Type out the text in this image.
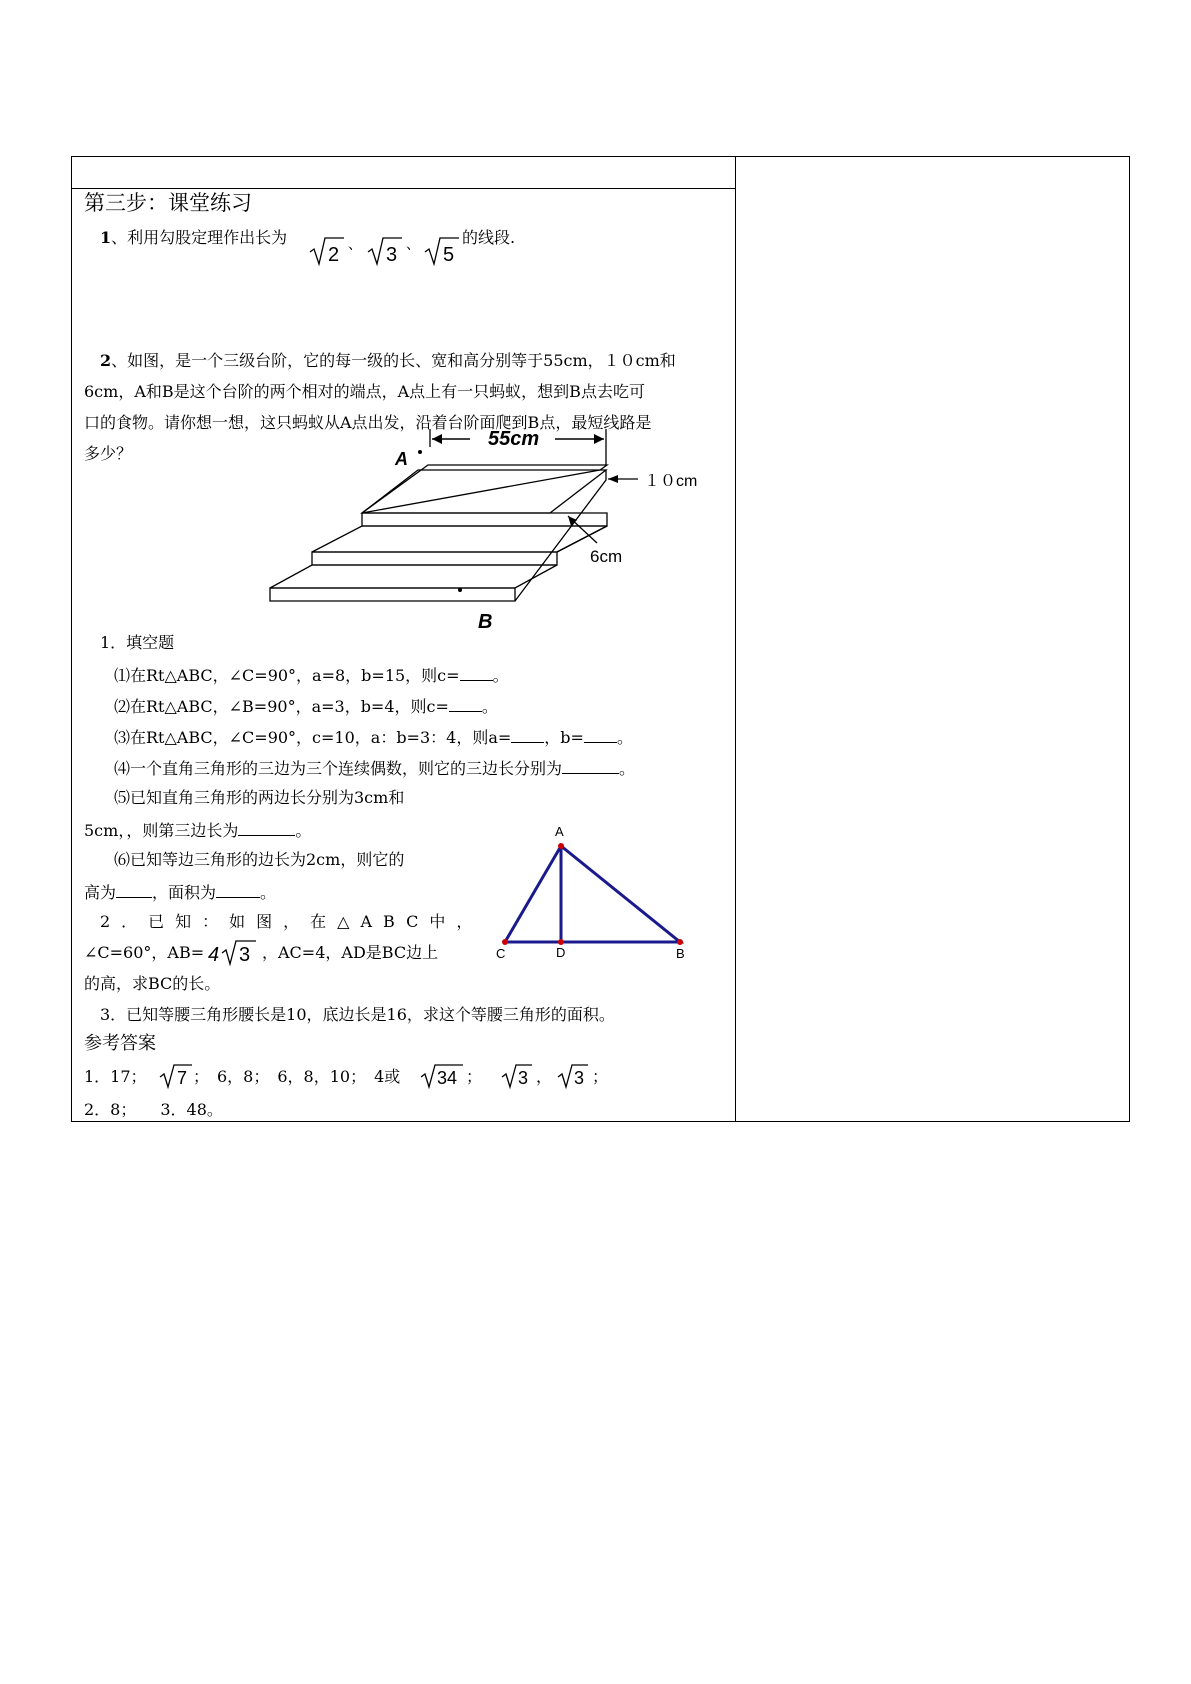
第三步：课堂练习
1、利用勾股定理作出长为
2 、 3 、 5
的线段.
2、如图，是一个三级台阶，它的每一级的长、宽和高分别等于55cm，１０cm和
6cm，A和B是这个台阶的两个相对的端点，A点上有一只蚂蚁，想到B点去吃可
口的食物。请你想一想，这只蚂蚁从A点出发，沿着台阶面爬到B点，最短线路是
多少？	A
B
55cm
１０cm
6cm
1．填空题
⑴在Rt△ABC，∠C=90°，a=8，b=15，则c= 。
⑵在Rt△ABC，∠B=90°，a=3，b=4，则c= 。
⑶在Rt△ABC，∠C=90°，c=10，a：b=3：4，则a= ，b= 。
⑷一个直角三角形的三边为三个连续偶数，则它的三边长分别为	。
⑸已知直角三角形的两边长分别为3cm和
5cm，，则第三边长为	。
⑹已知等边三角形的边长为2cm，则它的
高为 ，面积为	。
2．已知：如图，在△ABC中，
∠C=60°，AB= 4 3 ，AC=4，AD是BC边上
的高，求BC的长。
A
C	D	B
3．已知等腰三角形腰长是10，底边长是16，求这个等腰三角形的面积。
参考答案
1．17； 7 ；　6，8；　6，8，10；　4或 34 ； 3 ， 3 ；
2．8；　　3．48。
